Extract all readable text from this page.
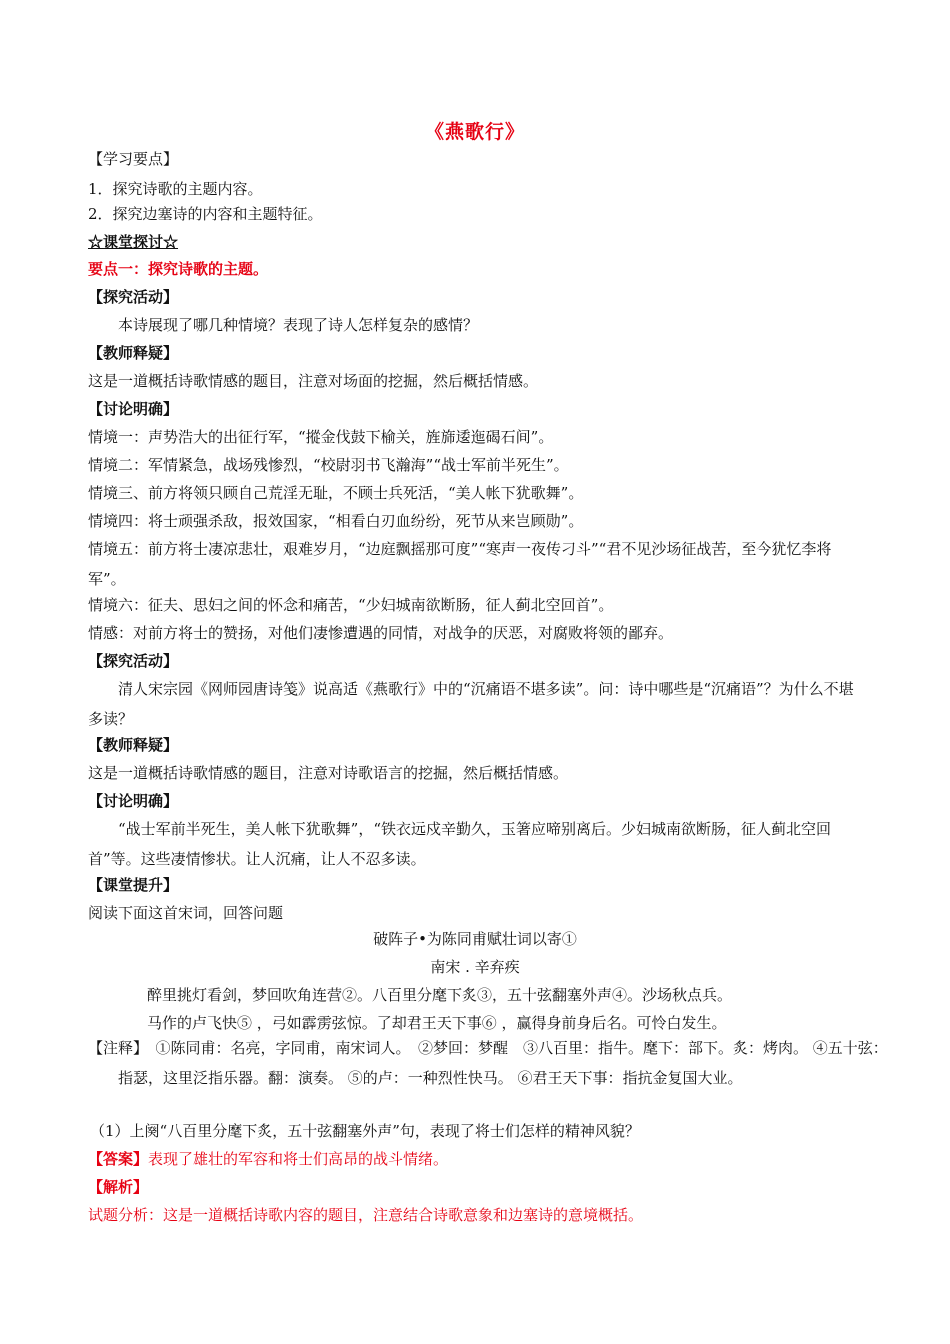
《燕歌行》
【学习要点】
1．探究诗歌的主题内容。
2．探究边塞诗的内容和主题特征。
☆课堂探讨☆
要点一：探究诗歌的主题。
【探究活动】
本诗展现了哪几种情境？表现了诗人怎样复杂的感情？
【教师释疑】
这是一道概括诗歌情感的题目，注意对场面的挖掘，然后概括情感。
【讨论明确】
情境一：声势浩大的出征行军，“摐金伐鼓下榆关，旌旆逶迤碣石间”。
情境二：军情紧急，战场残惨烈，“校尉羽书飞瀚海”“战士军前半死生”。
情境三、前方将领只顾自己荒淫无耻，不顾士兵死活，“美人帐下犹歌舞”。
情境四：将士顽强杀敌，报效国家，“相看白刃血纷纷，死节从来岂顾勋”。
情境五：前方将士凄凉悲壮，艰难岁月，“边庭飘摇那可度”“寒声一夜传刁斗”“君不见沙场征战苦，至今犹忆李将军”。
情境六：征夫、思妇之间的怀念和痛苦，“少妇城南欲断肠，征人蓟北空回首”。
情感：对前方将士的赞扬，对他们凄惨遭遇的同情，对战争的厌恶，对腐败将领的鄙弃。
【探究活动】
清人宋宗园《网师园唐诗笺》说高适《燕歌行》中的“沉痛语不堪多读”。问：诗中哪些是“沉痛语”？为什么不堪多读？
【教师释疑】
这是一道概括诗歌情感的题目，注意对诗歌语言的挖掘，然后概括情感。
【讨论明确】
“战士军前半死生，美人帐下犹歌舞”，“铁衣远戍辛勤久，玉箸应啼别离后。少妇城南欲断肠，征人蓟北空回首”等。这些凄情惨状。让人沉痛，让人不忍多读。
【课堂提升】
阅读下面这首宋词，回答问题
破阵子•为陈同甫赋壮词以寄①
南宋 . 辛弃疾
醉里挑灯看剑，梦回吹角连营②。八百里分麾下炙③，五十弦翻塞外声④。沙场秋点兵。
马作的卢飞快⑤ ，弓如霹雳弦惊。了却君王天下事⑥ ，赢得身前身后名。可怜白发生。
【注释】　①陈同甫：名亮，字同甫，南宋词人。　②梦回：梦醒　③八百里：指牛。麾下：部下。炙：烤肉。 ④五十弦：指瑟，这里泛指乐器。翻：演奏。 ⑤的卢：一种烈性快马。 ⑥君王天下事：指抗金复国大业。
（1）上阕“八百里分麾下炙，五十弦翻塞外声”句，表现了将士们怎样的精神风貌？
【答案】表现了雄壮的军容和将士们高昂的战斗情绪。
【解析】
试题分析：这是一道概括诗歌内容的题目，注意结合诗歌意象和边塞诗的意境概括。
